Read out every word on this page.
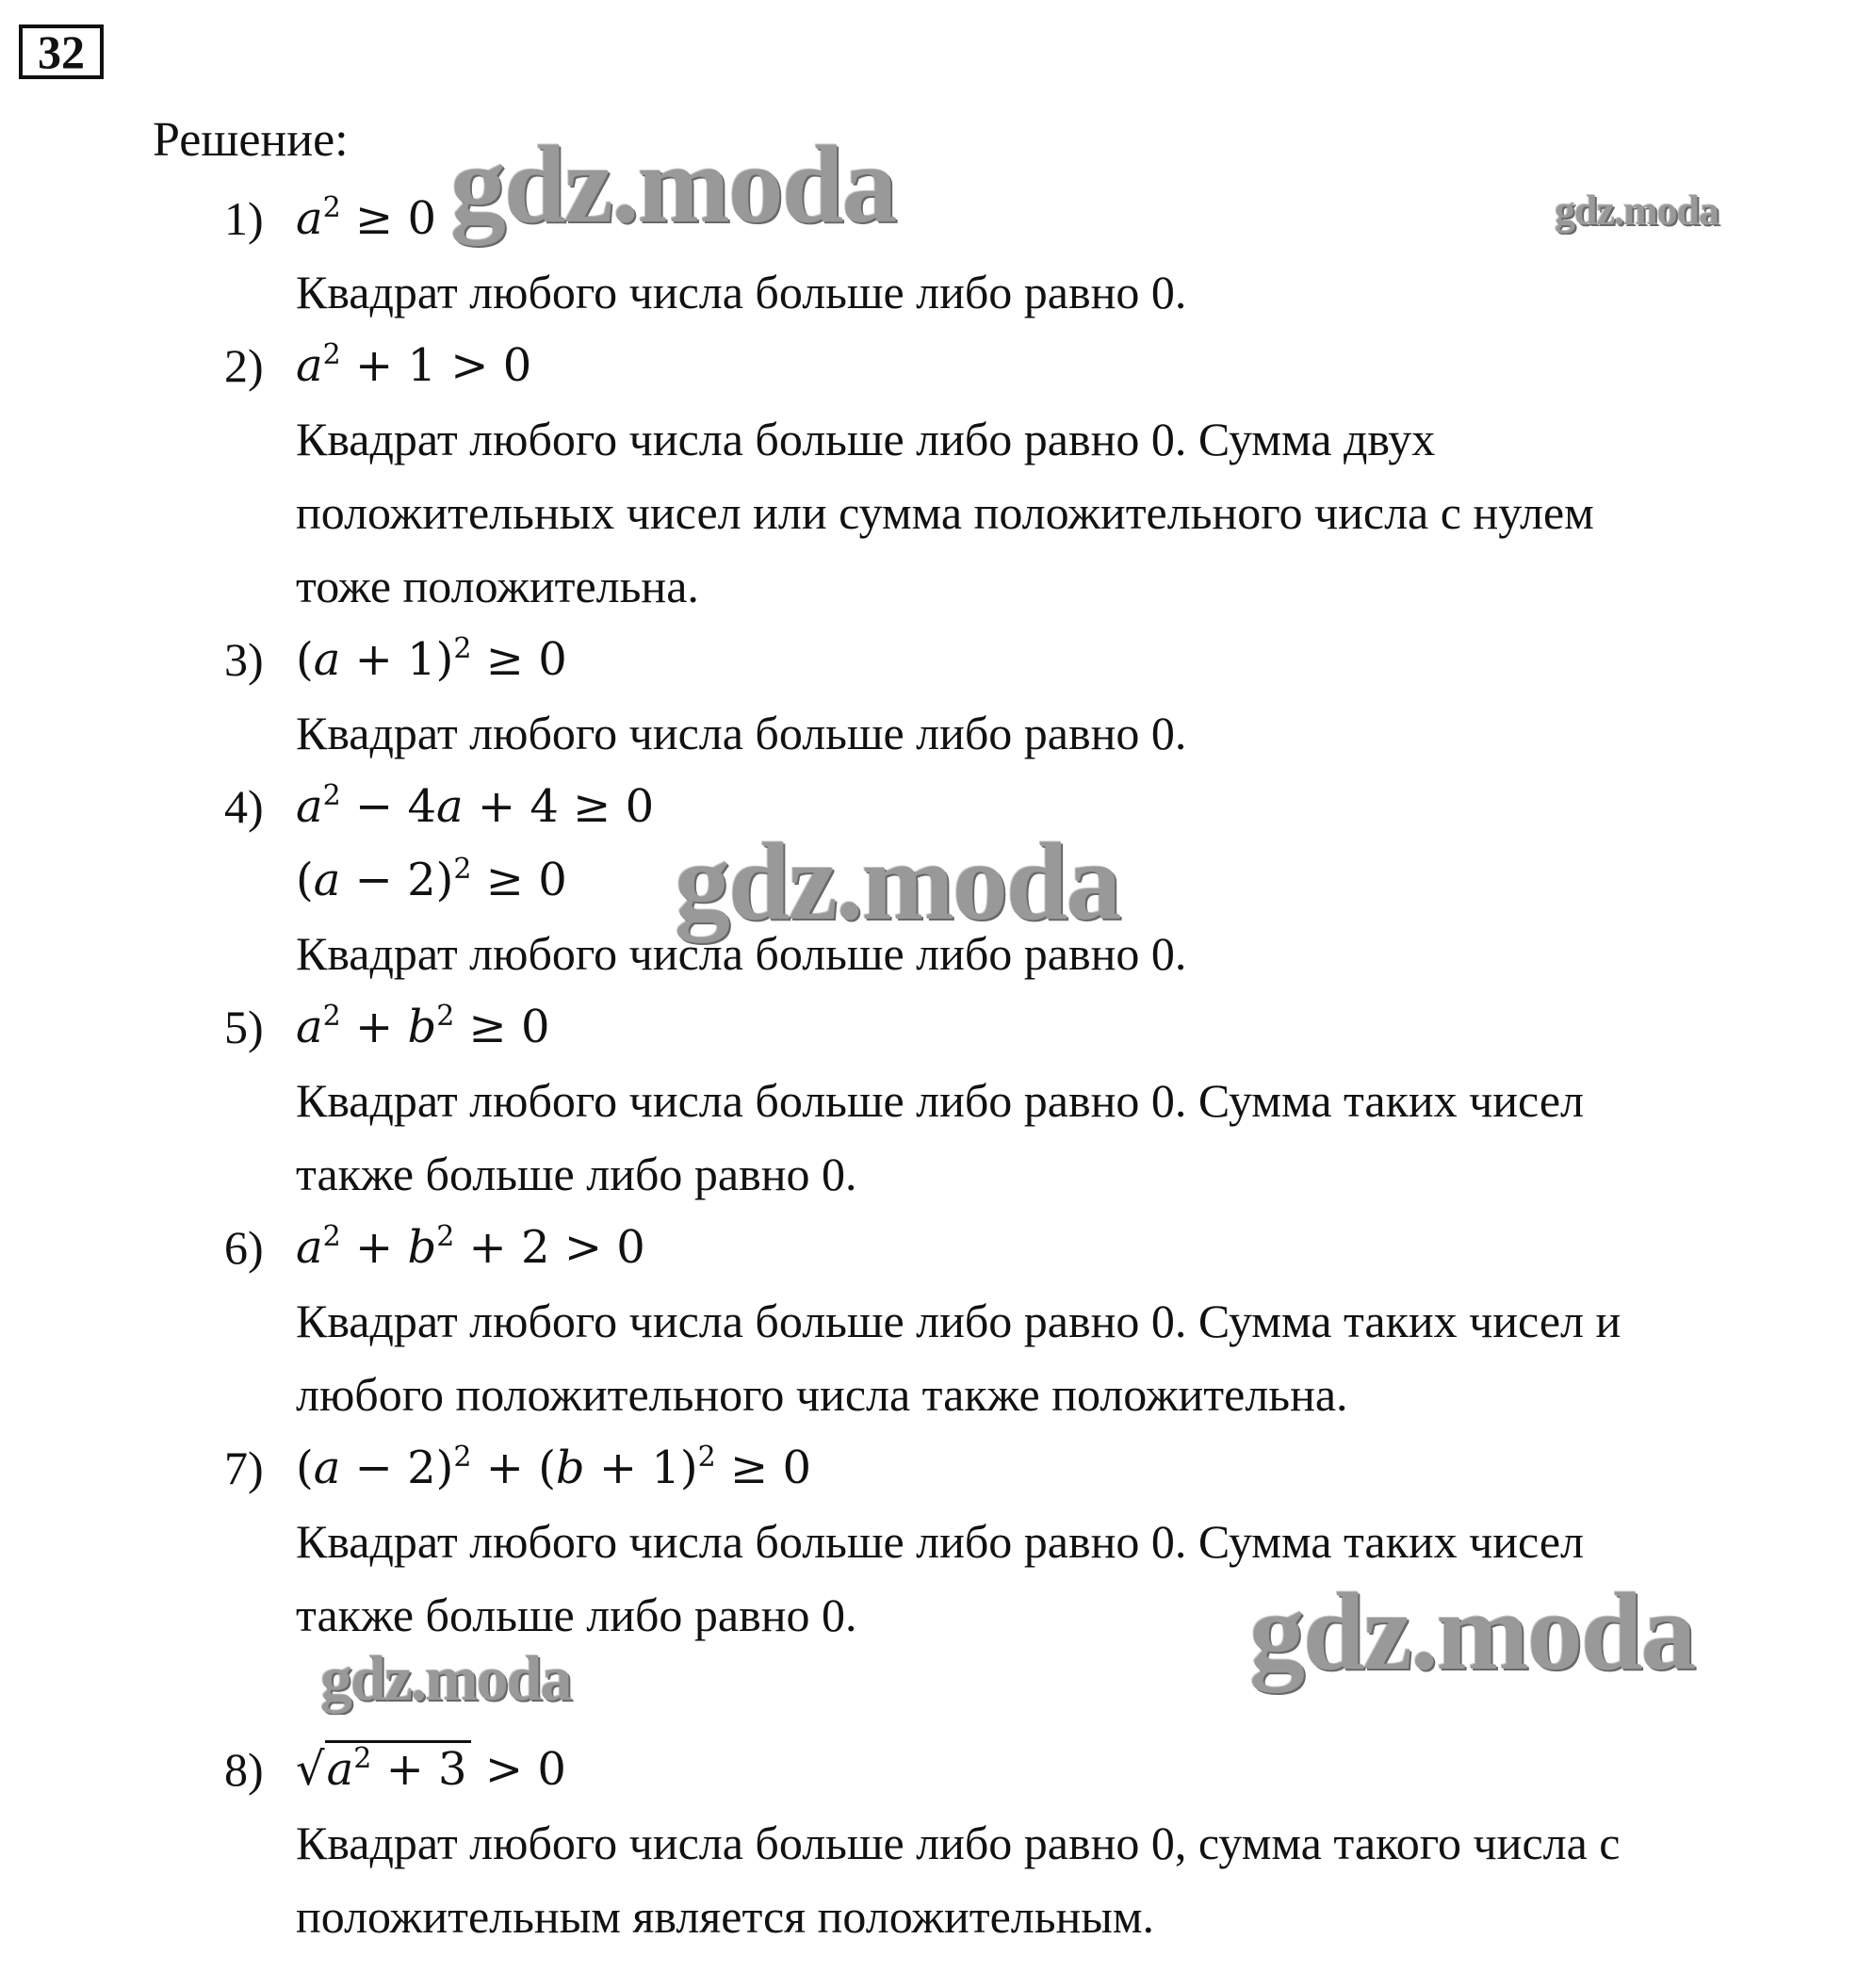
32
Решение:
1) $a^2 \ge 0$
Квадрат любого числа больше либо равно 0.
2) $a^2 + 1 > 0$
Квадрат любого числа больше либо равно 0. Сумма двух
положительных чисел или сумма положительного числа с нулем
тоже положительна.
3) $(a + 1)^2 \ge 0$
Квадрат любого числа больше либо равно 0.
4) $a^2 - 4a + 4 \ge 0$
$(a - 2)^2 \ge 0$
Квадрат любого числа больше либо равно 0.
5) $a^2 + b^2 \ge 0$
Квадрат любого числа больше либо равно 0. Сумма таких чисел
также больше либо равно 0.
6) $a^2 + b^2 + 2 > 0$
Квадрат любого числа больше либо равно 0. Сумма таких чисел и
любого положительного числа также положительна.
7) $(a - 2)^2 + (b + 1)^2 \ge 0$
Квадрат любого числа больше либо равно 0. Сумма таких чисел
также больше либо равно 0.
8) $√a^2 + 3 > 0$
Квадрат любого числа больше либо равно 0, сумма такого числа с
положительным является положительным.
gdz.moda	gdz.moda
gdz.moda
gdz.moda
gdz.moda
